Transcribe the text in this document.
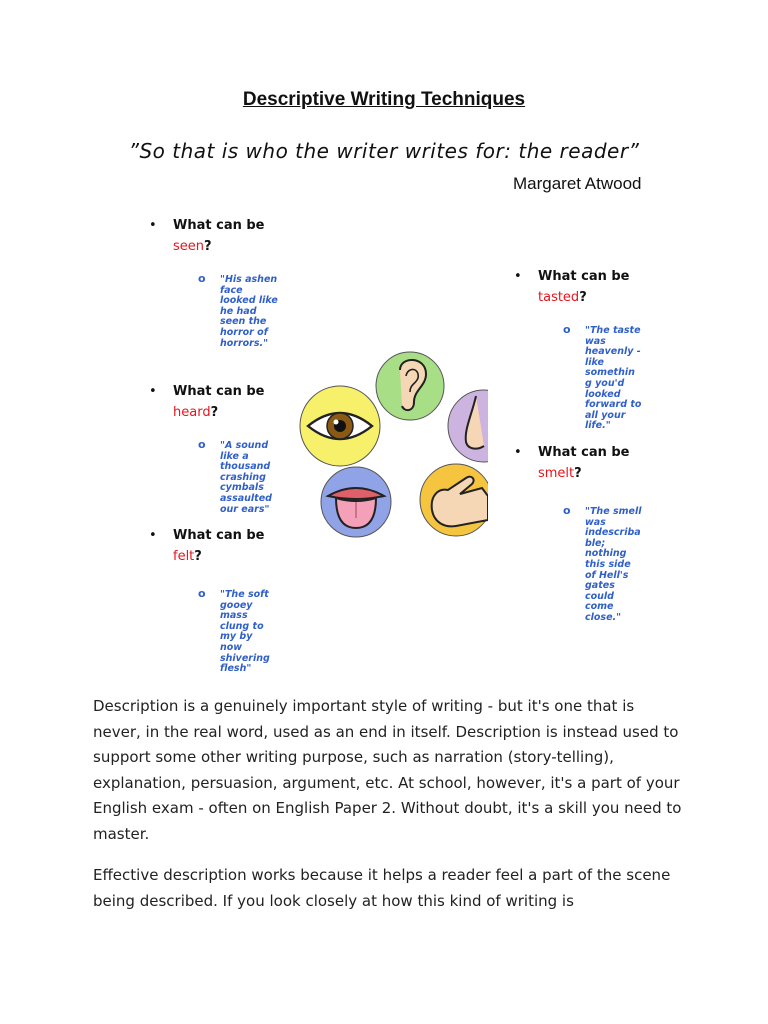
Descriptive Writing Techniques
”So that is who the writer writes for: the reader”
Margaret Atwood
• What can be
seen?
o "His ashen face looked like he had seen the horror of horrors."
• What can be
heard?
o "A sound like a thousand crashing cymbals assaulted our ears"
• What can be
felt?
o "The soft gooey mass clung to my by now shivering flesh"
• What can be
tasted?
o "The taste was heavenly - like somethin g you'd looked forward to all your life."
• What can be
smelt?
o "The smell was indescriba ble; nothing this side of Hell's gates could come close."
Description is a genuinely important style of writing - but it's one that is never, in the real word, used as an end in itself. Description is instead used to support some other writing purpose, such as narration (story-telling), explanation, persuasion, argument, etc. At school, however, it's a part of your English exam - often on English Paper 2. Without doubt, it's a skill you need to master.
Effective description works because it helps a reader feel a part of the scene being described. If you look closely at how this kind of writing is
